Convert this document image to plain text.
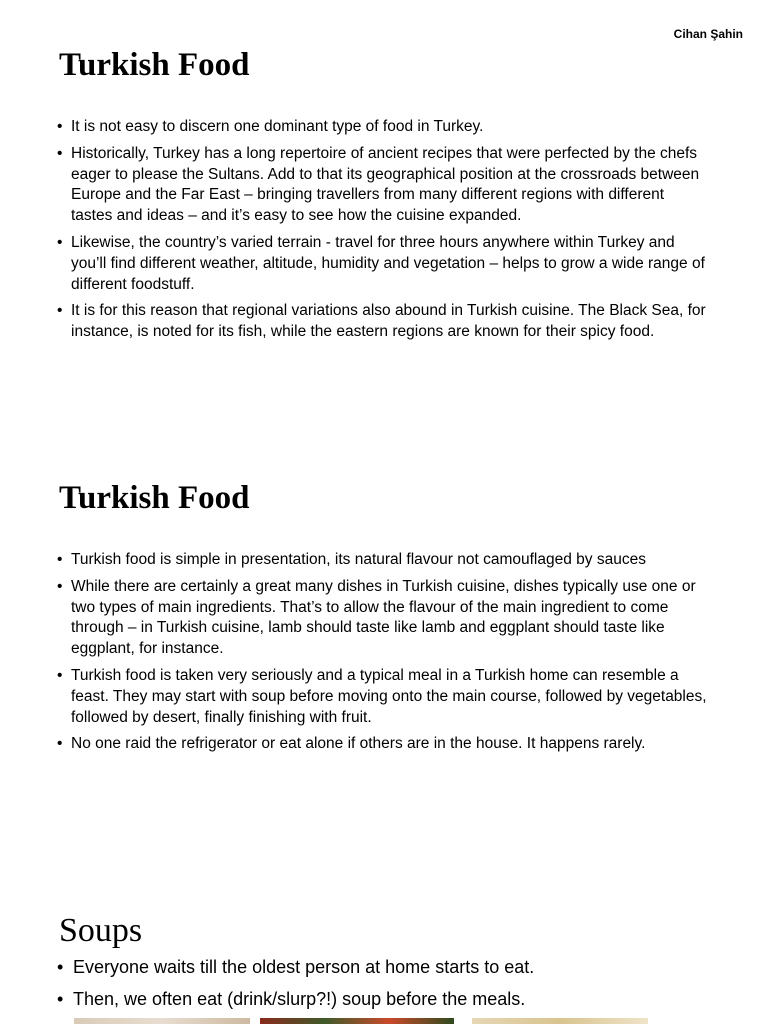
Cihan Şahin
Turkish Food
• It is not easy to discern one dominant type of food in Turkey.
• Historically, Turkey has a long repertoire of ancient recipes that were perfected by the chefs eager to please the Sultans. Add to that its geographical position at the crossroads between Europe and the Far East – bringing travellers from many different regions with different tastes and ideas – and it’s easy to see how the cuisine expanded.
• Likewise, the country’s varied terrain - travel for three hours anywhere within Turkey and you’ll find different weather, altitude, humidity and vegetation – helps to grow a wide range of different foodstuff.
• It is for this reason that regional variations also abound in Turkish cuisine. The Black Sea, for instance, is noted for its fish, while the eastern regions are known for their spicy food.
Turkish Food
• Turkish food is simple in presentation, its natural flavour not camouflaged by sauces
• While there are certainly a great many dishes in Turkish cuisine, dishes typically use one or two types of main ingredients. That’s to allow the flavour of the main ingredient to come through – in Turkish cuisine, lamb should taste like lamb and eggplant should taste like eggplant, for instance.
• Turkish food is taken very seriously and a typical meal in a Turkish home can resemble a feast. They may start with soup before moving onto the main course, followed by vegetables, followed by desert, finally finishing with fruit.
• No one raid the refrigerator or eat alone if others are in the house. It happens rarely.
Soups
• Everyone waits till the oldest person at home starts to eat.
• Then, we often eat (drink/slurp?!) soup before the meals.
